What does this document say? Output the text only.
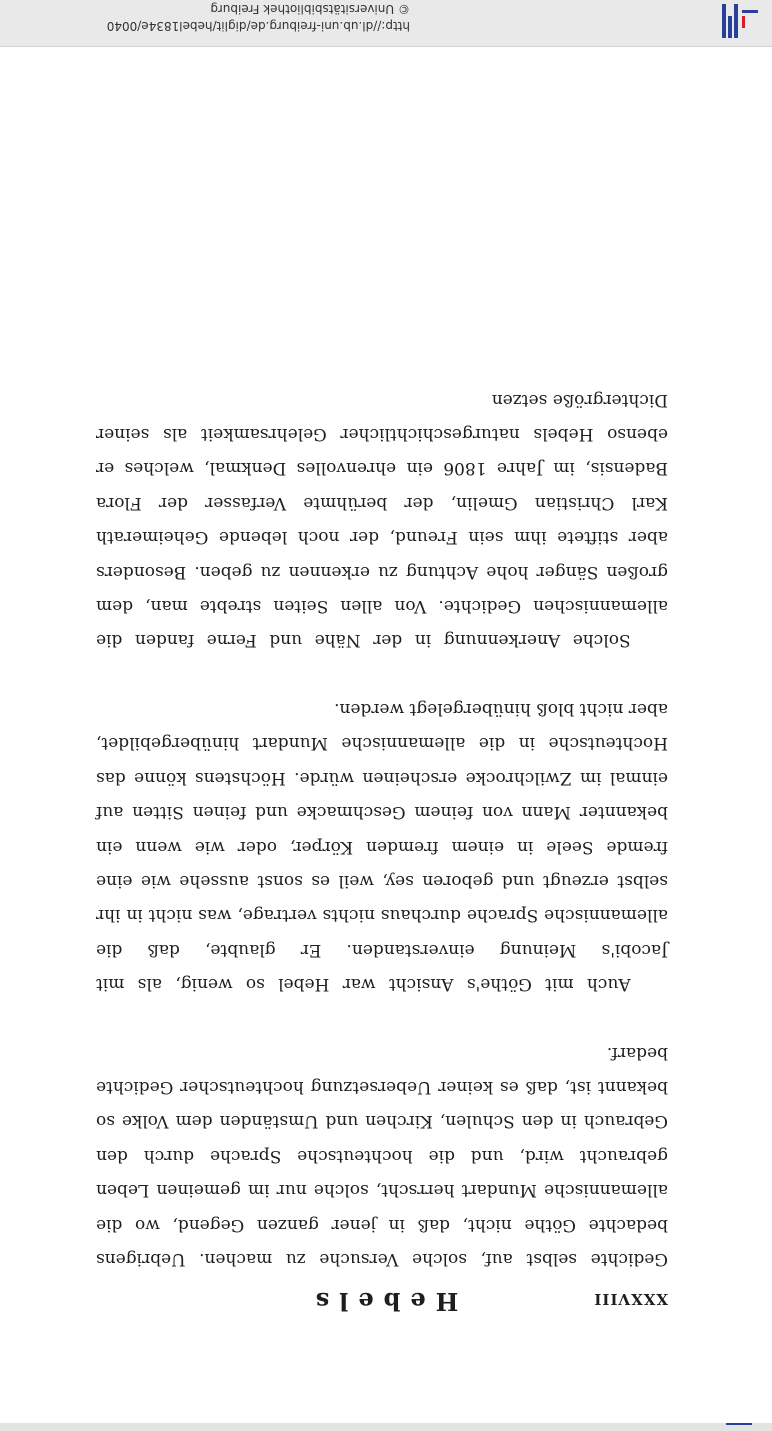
http://dl.ub.uni-freiburg.de/diglit/hebel1834e/0040
© Universitätsbibliothek Freiburg
XXXVIII
Hebels

Gedichte selbst auf, solche Versuche zu machen. Uebrigens bedachte Göthe nicht, daß in jener ganzen Gegend, wo die allemannische Mundart herrscht, solche nur im gemeinen Leben gebraucht wird, und die hochteutsche Sprache durch den Gebrauch in den Schulen, Kirchen und Umständen dem Volke so bekannt ist, daß es keiner Uebersetzung hochteutscher Gedichte bedarf.

Auch mit Göthe's Ansicht war Hebel so wenig, als mit Jacobi's Meinung einverstanden. Er glaubte, daß die allemannische Sprache durchaus nichts vertrage, was nicht in ihr selbst erzeugt und geboren sey, weil es sonst aussehe wie eine fremde Seele in einem fremden Körper, oder wie wenn ein bekannter Mann von feinem Geschmacke und feinen Sitten auf einmal im Zwilchrocke erscheinen würde. Höchstens könne das Hochteutsche in die allemannische Mundart hinübergebildet, aber nicht bloß hinübergelegt werden.

Solche Anerkennung in der Nähe und Ferne fanden die allemannischen Gedichte. Von allen Seiten strebte man, dem großen Sänger hohe Achtung zu erkennen zu geben. Besonders aber stiftete ihm sein Freund, der noch lebende Geheimerath Karl Christian Gmelin, der berühmte Verfasser der Flora Badensis, im Jahre 1806 ein ehrenvolles Denkmal, welches er ebenso Hebels naturgeschichtlicher Gelehrsamkeit als seiner Dichtergröße setzen
